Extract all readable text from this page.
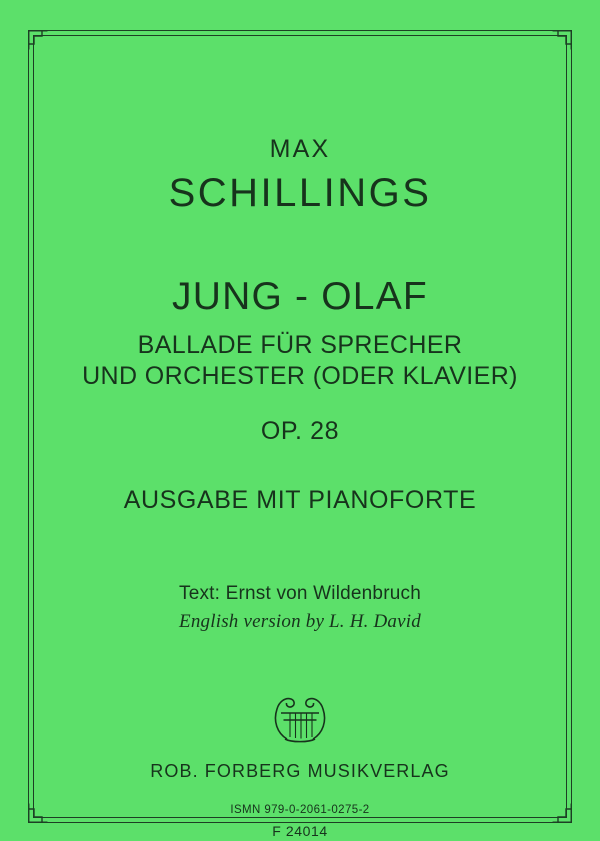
MAX
SCHILLINGS
JUNG - OLAF
BALLADE FÜR SPRECHER
UND ORCHESTER (ODER KLAVIER)
OP. 28
AUSGABE MIT PIANOFORTE
Text: Ernst von Wildenbruch
English version by L. H. David
ROB. FORBERG MUSIKVERLAG
ISMN 979-0-2061-0275-2
F 24014
